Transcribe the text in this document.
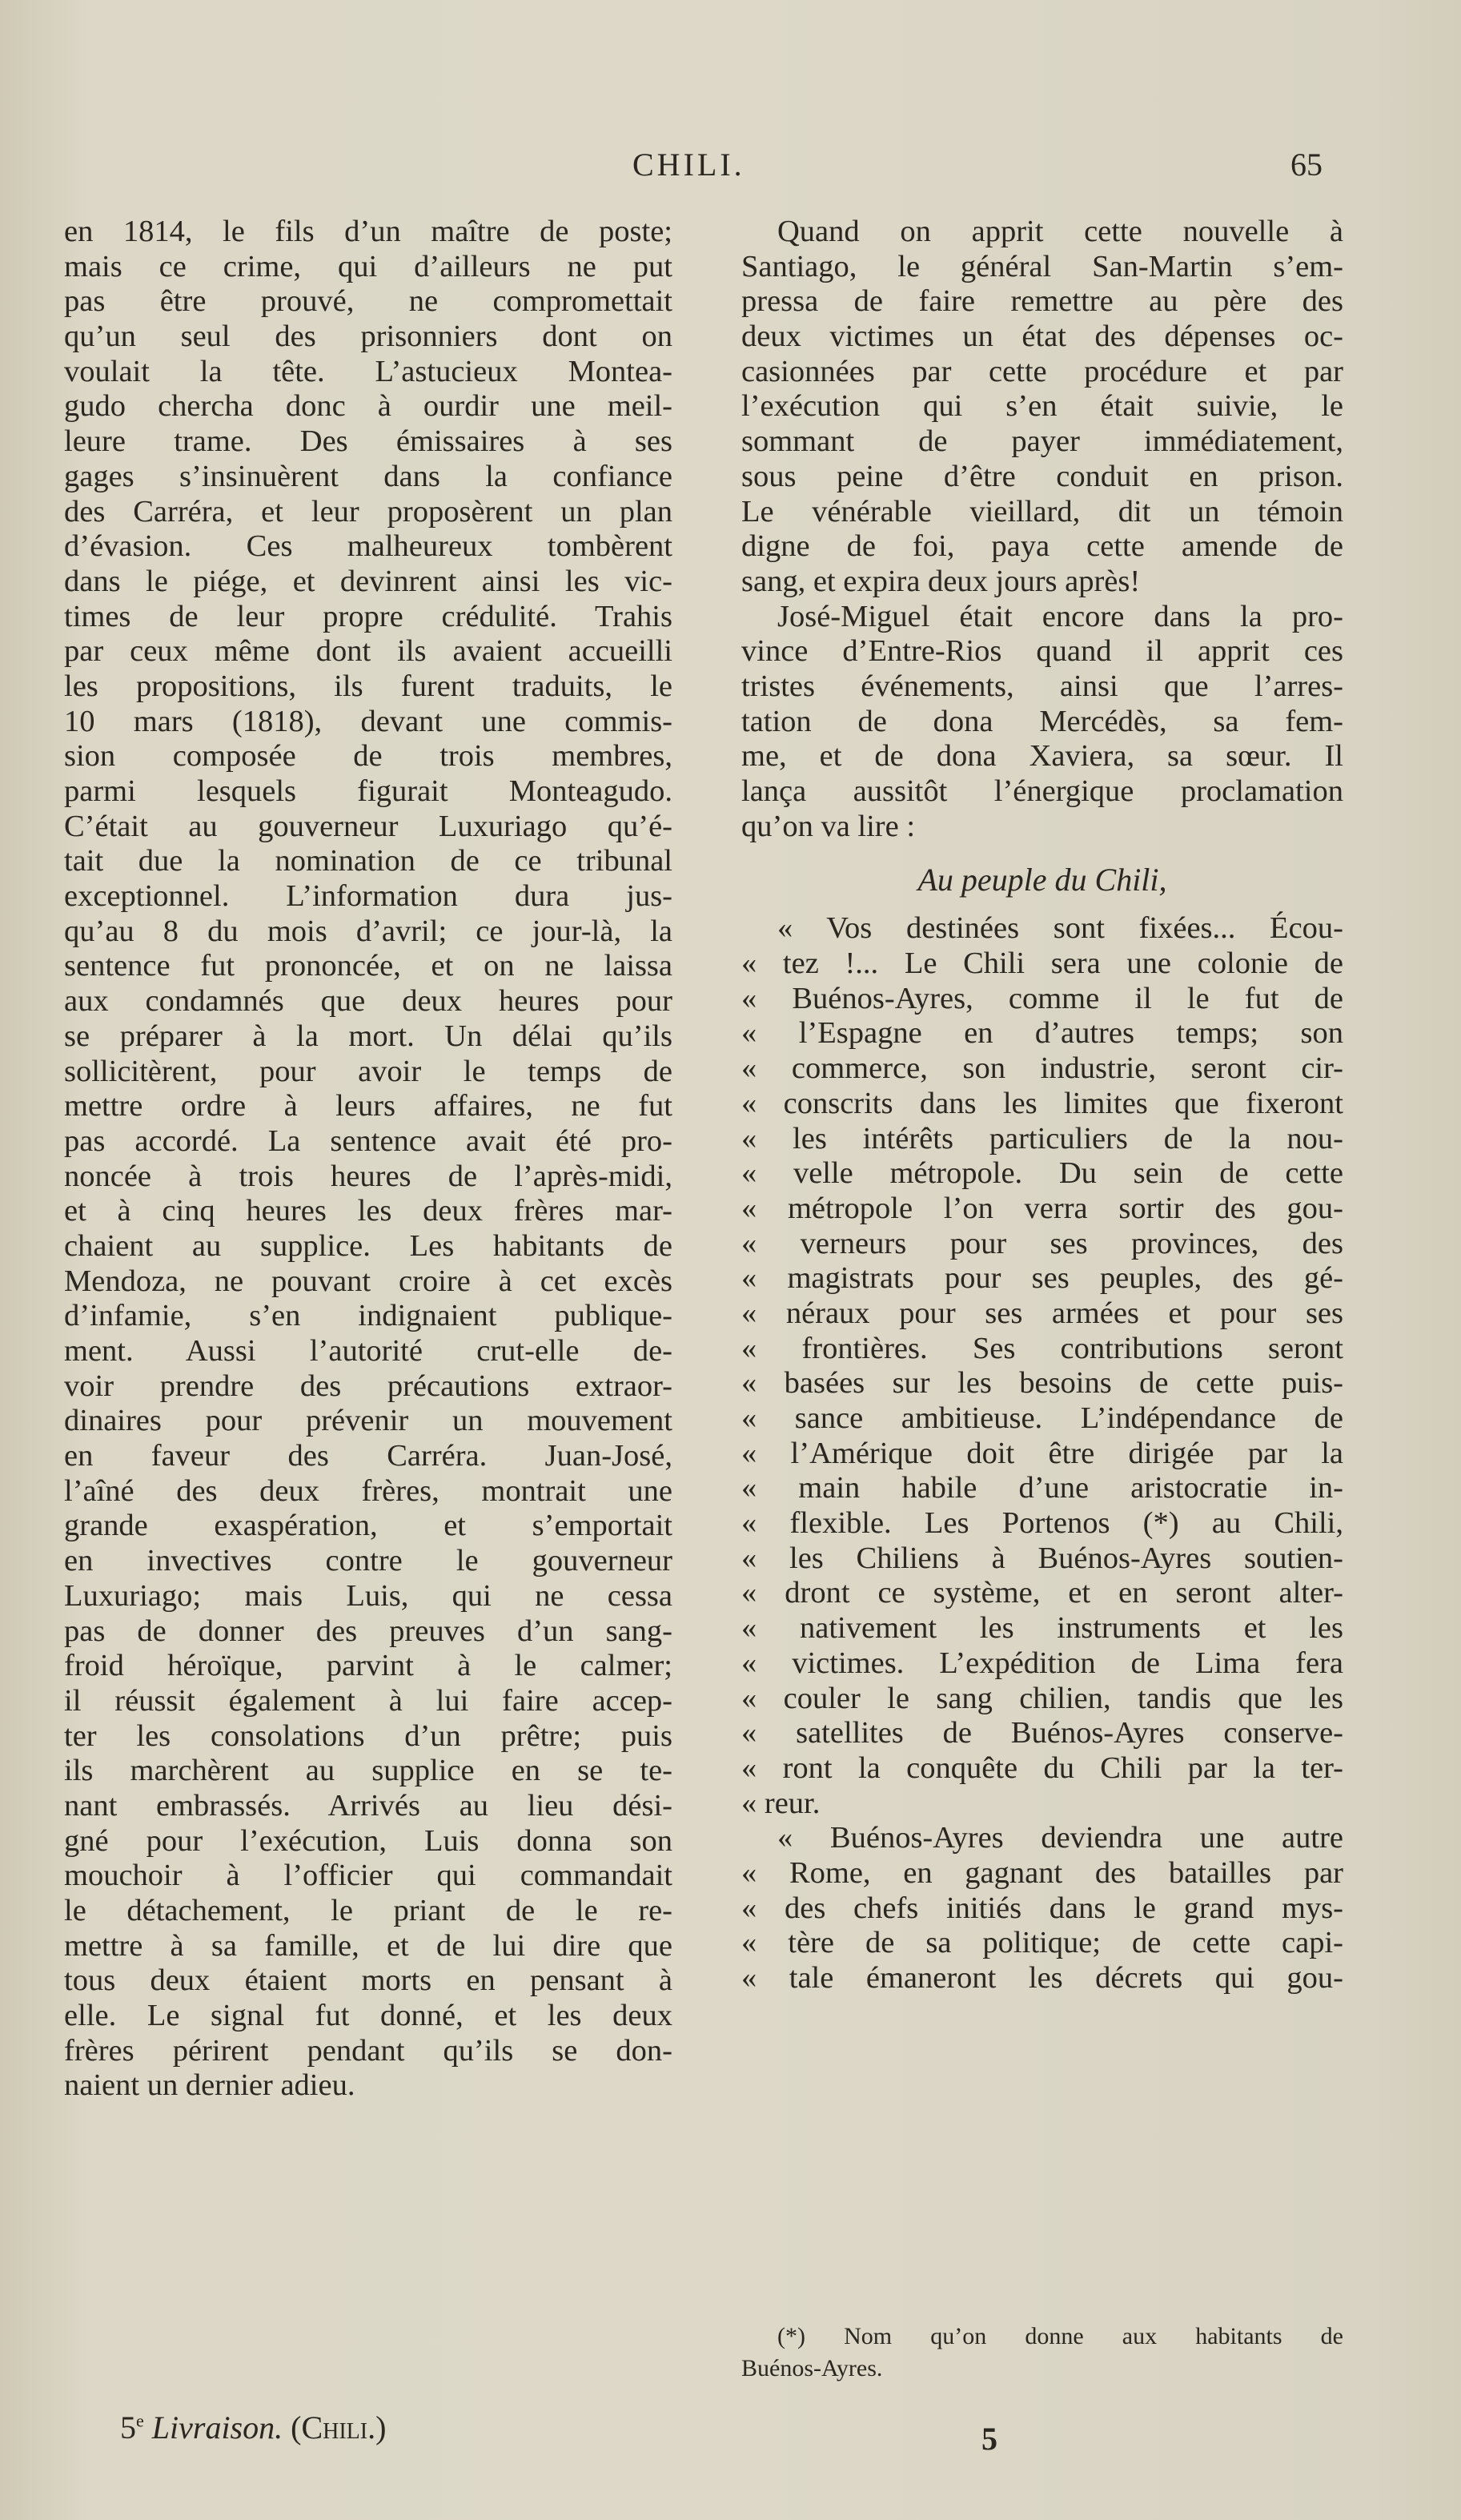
CHILI.	65
en 1814, le fils d’un maître de poste;
mais ce crime, qui d’ailleurs ne put
pas être prouvé, ne compromettait
qu’un seul des prisonniers dont on
voulait la tête. L’astucieux Montea-
gudo chercha donc à ourdir une meil-
leure trame. Des émissaires à ses
gages s’insinuèrent dans la confiance
des Carréra, et leur proposèrent un plan
d’évasion. Ces malheureux tombèrent
dans le piége, et devinrent ainsi les vic-
times de leur propre crédulité. Trahis
par ceux même dont ils avaient accueilli
les propositions, ils furent traduits, le
10 mars (1818), devant une commis-
sion composée de trois membres,
parmi lesquels figurait Monteagudo.
C’était au gouverneur Luxuriago qu’é-
tait due la nomination de ce tribunal
exceptionnel. L’information dura jus-
qu’au 8 du mois d’avril; ce jour-là, la
sentence fut prononcée, et on ne laissa
aux condamnés que deux heures pour
se préparer à la mort. Un délai qu’ils
sollicitèrent, pour avoir le temps de
mettre ordre à leurs affaires, ne fut
pas accordé. La sentence avait été pro-
noncée à trois heures de l’après-midi,
et à cinq heures les deux frères mar-
chaient au supplice. Les habitants de
Mendoza, ne pouvant croire à cet excès
d’infamie, s’en indignaient publique-
ment. Aussi l’autorité crut-elle de-
voir prendre des précautions extraor-
dinaires pour prévenir un mouvement
en faveur des Carréra. Juan-José,
l’aîné des deux frères, montrait une
grande exaspération, et s’emportait
en invectives contre le gouverneur
Luxuriago; mais Luis, qui ne cessa
pas de donner des preuves d’un sang-
froid héroïque, parvint à le calmer;
il réussit également à lui faire accep-
ter les consolations d’un prêtre; puis
ils marchèrent au supplice en se te-
nant embrassés. Arrivés au lieu dési-
gné pour l’exécution, Luis donna son
mouchoir à l’officier qui commandait
le détachement, le priant de le re-
mettre à sa famille, et de lui dire que
tous deux étaient morts en pensant à
elle. Le signal fut donné, et les deux
frères périrent pendant qu’ils se don-
naient un dernier adieu.
Quand on apprit cette nouvelle à
Santiago, le général San-Martin s’em-
pressa de faire remettre au père des
deux victimes un état des dépenses oc-
casionnées par cette procédure et par
l’exécution qui s’en était suivie, le
sommant de payer immédiatement,
sous peine d’être conduit en prison.
Le vénérable vieillard, dit un témoin
digne de foi, paya cette amende de
sang, et expira deux jours après!
José-Miguel était encore dans la pro-
vince d’Entre-Rios quand il apprit ces
tristes événements, ainsi que l’arres-
tation de dona Mercédès, sa fem-
me, et de dona Xaviera, sa sœur. Il
lança aussitôt l’énergique proclamation
qu’on va lire :
Au peuple du Chili,
« Vos destinées sont fixées... Écou-
« tez !... Le Chili sera une colonie de
« Buénos-Ayres, comme il le fut de
« l’Espagne en d’autres temps; son
« commerce, son industrie, seront cir-
« conscrits dans les limites que fixeront
« les intérêts particuliers de la nou-
« velle métropole. Du sein de cette
« métropole l’on verra sortir des gou-
« verneurs pour ses provinces, des
« magistrats pour ses peuples, des gé-
« néraux pour ses armées et pour ses
« frontières. Ses contributions seront
« basées sur les besoins de cette puis-
« sance ambitieuse. L’indépendance de
« l’Amérique doit être dirigée par la
« main habile d’une aristocratie in-
« flexible. Les Portenos (*) au Chili,
« les Chiliens à Buénos-Ayres soutien-
« dront ce système, et en seront alter-
« nativement les instruments et les
« victimes. L’expédition de Lima fera
« couler le sang chilien, tandis que les
« satellites de Buénos-Ayres conserve-
« ront la conquête du Chili par la ter-
« reur.
« Buénos-Ayres deviendra une autre
« Rome, en gagnant des batailles par
« des chefs initiés dans le grand mys-
« tère de sa politique; de cette capi-
« tale émaneront les décrets qui gou-
(*) Nom qu’on donne aux habitants de
Buénos-Ayres.
5e Livraison. (Chili.)	5
